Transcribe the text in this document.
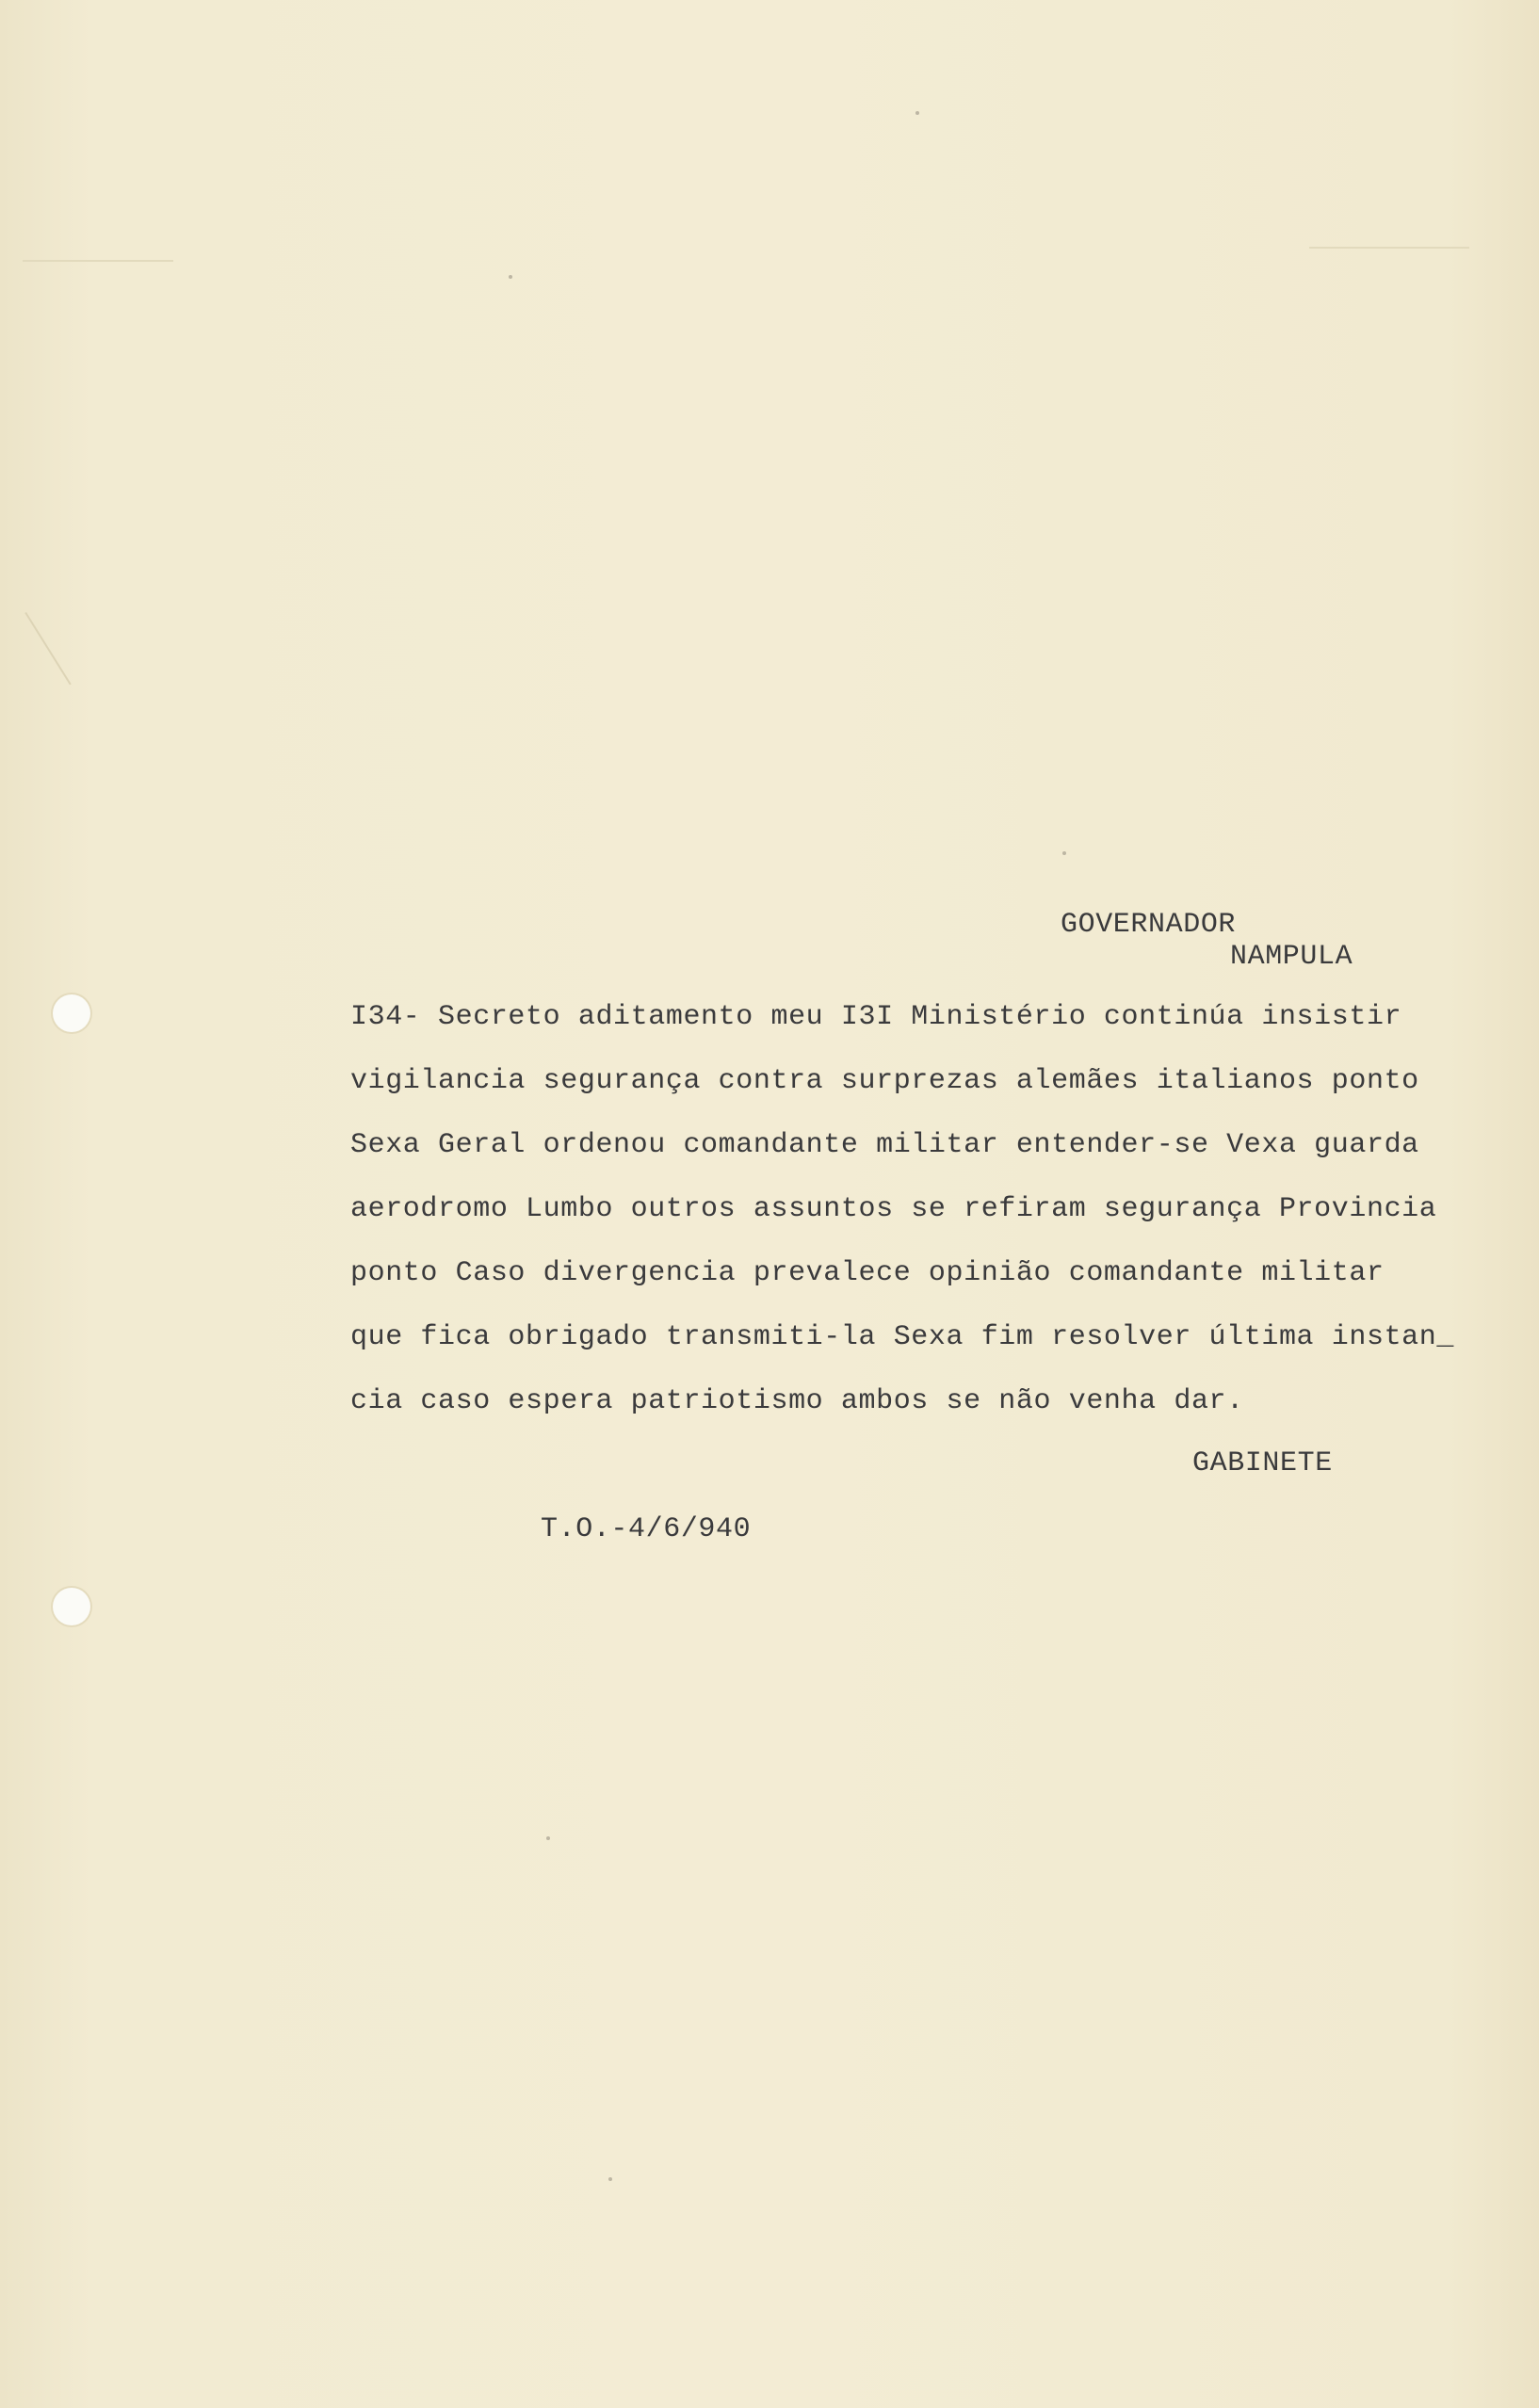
GOVERNADOR
NAMPULA
I34- Secreto aditamento meu I3I Ministério continúa insistir
vigilancia segurança contra surprezas alemães italianos ponto
Sexa Geral ordenou comandante militar entender-se Vexa guarda
aerodromo Lumbo outros assuntos se refiram segurança Provincia
ponto Caso divergencia prevalece opinião comandante militar
que fica obrigado transmiti-la Sexa fim resolver última instan_
cia caso espera patriotismo ambos se não venha dar.
GABINETE
T.O.-4/6/940
